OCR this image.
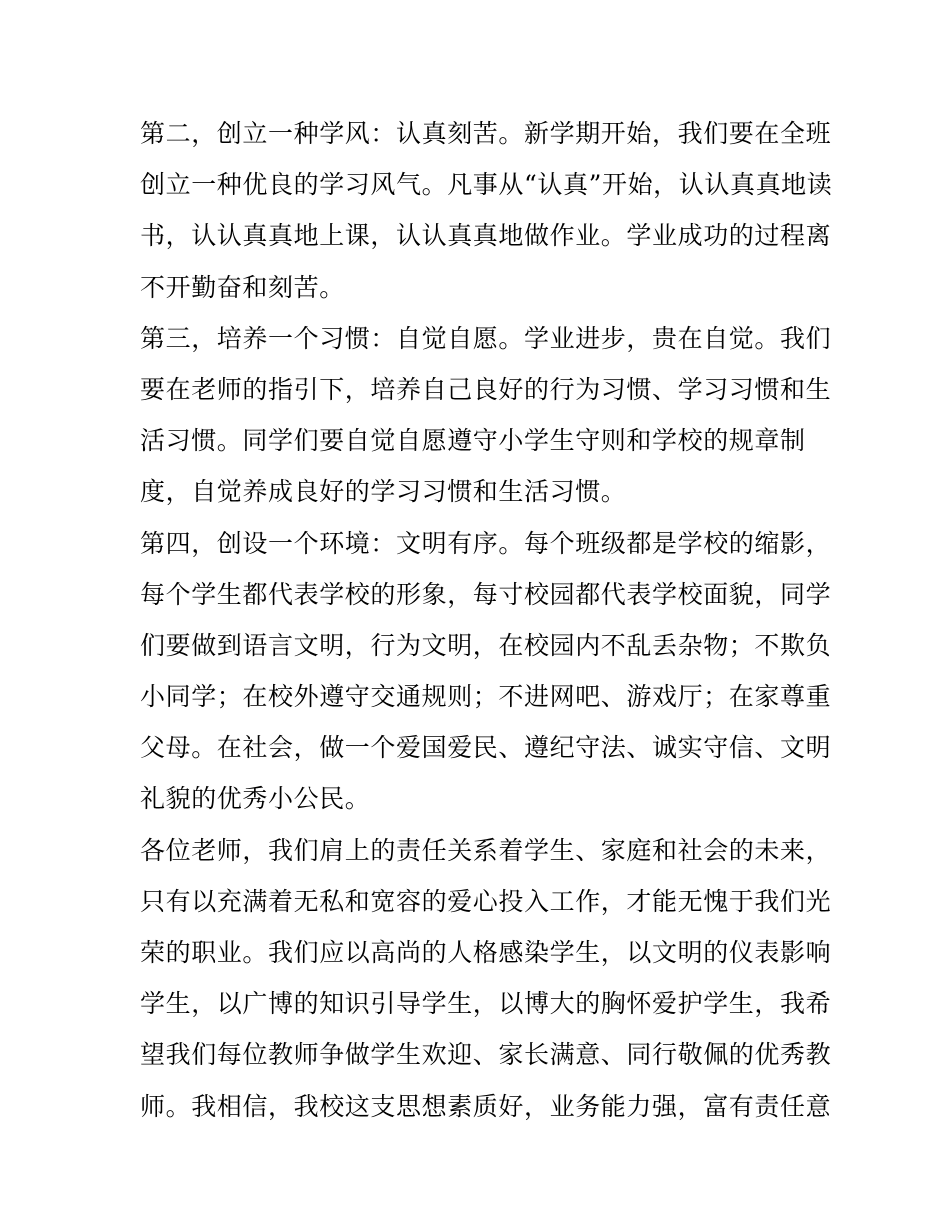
第二，创立一种学风：认真刻苦。新学期开始，我们要在全班
创立一种优良的学习风气。凡事从“认真”开始，认认真真地读
书，认认真真地上课，认认真真地做作业。学业成功的过程离
不开勤奋和刻苦。
第三，培养一个习惯：自觉自愿。学业进步，贵在自觉。我们
要在老师的指引下，培养自己良好的行为习惯、学习习惯和生
活习惯。同学们要自觉自愿遵守小学生守则和学校的规章制
度，自觉养成良好的学习习惯和生活习惯。
第四，创设一个环境：文明有序。每个班级都是学校的缩影，
每个学生都代表学校的形象，每寸校园都代表学校面貌，同学
们要做到语言文明，行为文明，在校园内不乱丢杂物；不欺负
小同学；在校外遵守交通规则；不进网吧、游戏厅；在家尊重
父母。在社会，做一个爱国爱民、遵纪守法、诚实守信、文明
礼貌的优秀小公民。
各位老师，我们肩上的责任关系着学生、家庭和社会的未来，
只有以充满着无私和宽容的爱心投入工作，才能无愧于我们光
荣的职业。我们应以高尚的人格感染学生，以文明的仪表影响
学生，以广博的知识引导学生，以博大的胸怀爱护学生，我希
望我们每位教师争做学生欢迎、家长满意、同行敬佩的优秀教
师。我相信，我校这支思想素质好，业务能力强，富有责任意
